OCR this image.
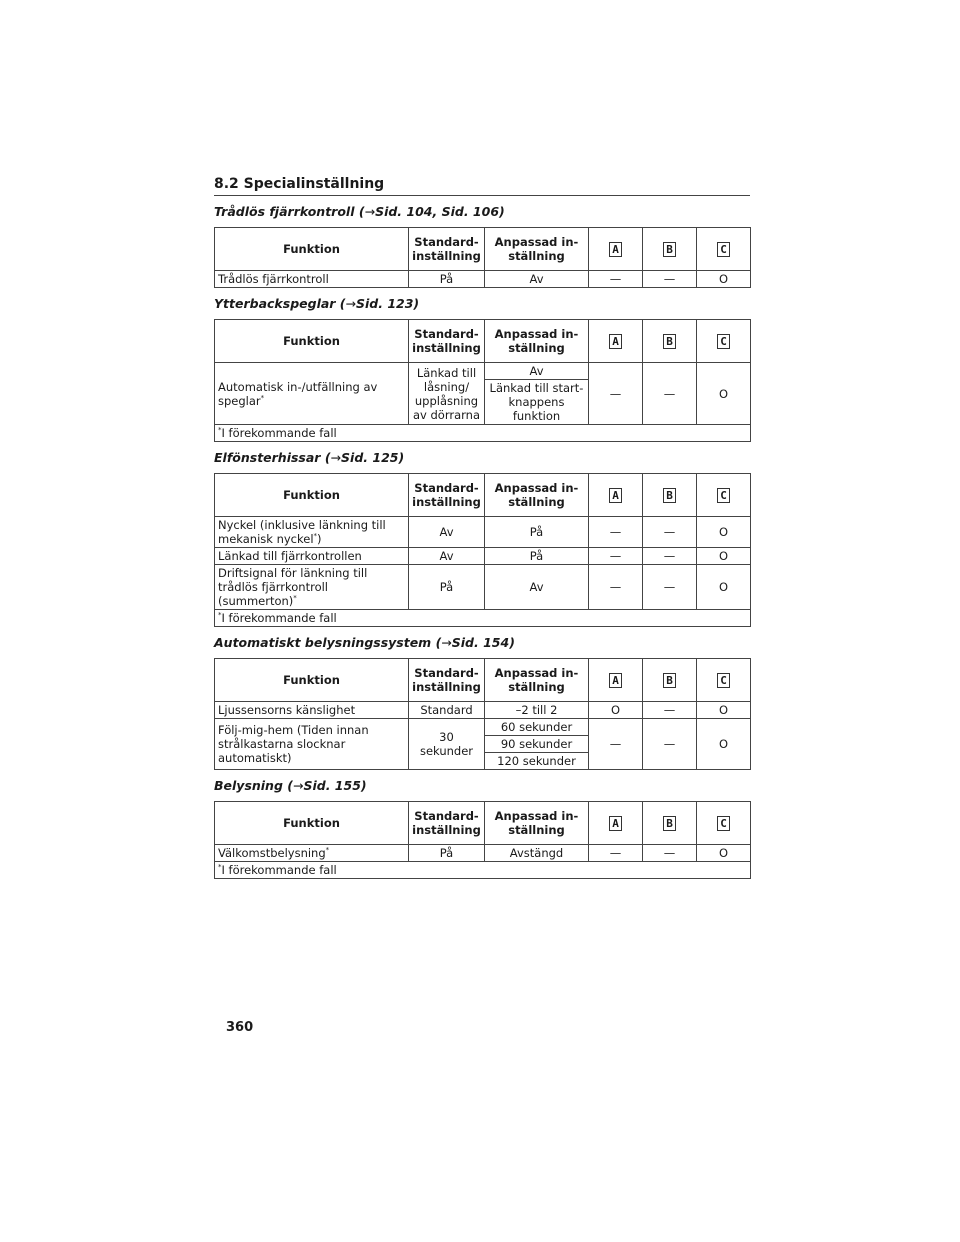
8.2 Specialinställning
Trådlös fjärrkontroll (→Sid. 104, Sid. 106)
Funktion	Standard-inställning	Anpassad in-ställning	A	B	C
Trådlös fjärrkontroll	På	Av	—	—	O
Ytterbackspeglar (→Sid. 123)
Funktion	Standard-inställning	Anpassad in-ställning	A	B	C
Automatisk in-/utfällning av speglar*	Länkad till låsning/ upplåsning av dörrarna	Av	—	—	O
		Länkad till start-knappens funktion			
*I förekommande fall					
Elfönsterhissar (→Sid. 125)
Funktion	Standard-inställning	Anpassad in-ställning	A	B	C
Nyckel (inklusive länkning till mekanisk nyckel*)	Av	På	—	—	O
Länkad till fjärrkontrollen	Av	På	—	—	O
Driftsignal för länkning till trådlös fjärrkontroll (summerton)*	På	Av	—	—	O
*I förekommande fall					
Automatiskt belysningssystem (→Sid. 154)
Funktion	Standard-inställning	Anpassad in-ställning	A	B	C
Ljussensorns känslighet	Standard	–2 till 2	O	—	O
Följ-mig-hem (Tiden innan strålkastarna slocknar automatiskt)	30 sekunder	60 sekunder	—	—	O
		90 sekunder			
		120 sekunder			
Belysning (→Sid. 155)
Funktion	Standard-inställning	Anpassad in-ställning	A	B	C
Välkomstbelysning*	På	Avstängd	—	—	O
*I förekommande fall					
360
